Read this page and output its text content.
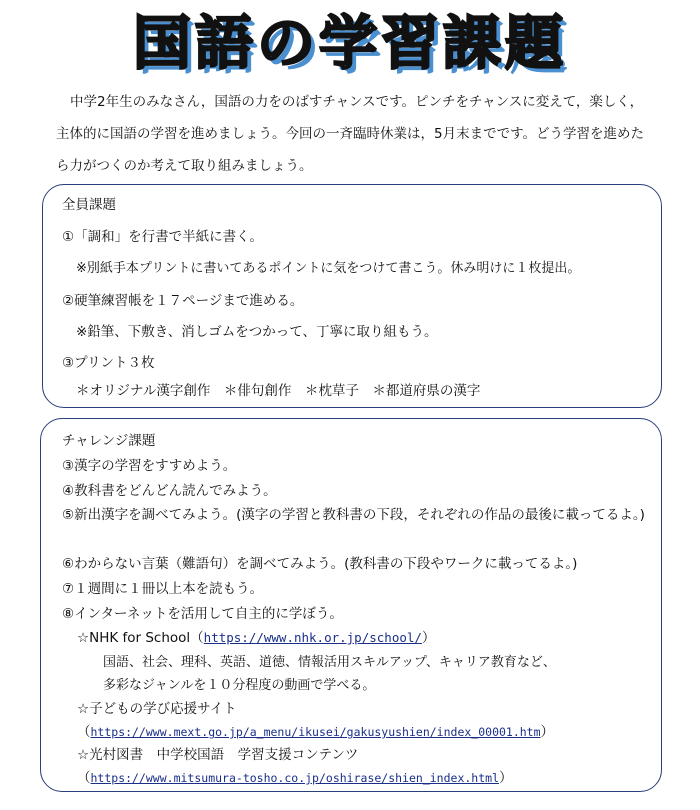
国語の学習課題
中学2年生のみなさん，国語の力をのばすチャンスです。ピンチをチャンスに変えて，楽しく，主体的に国語の学習を進めましょう。今回の一斉臨時休業は，5月末までです。どう学習を進めたら力がつくのか考えて取り組みましょう。
全員課題
①「調和」を行書で半紙に書く。
※別紙手本プリントに書いてあるポイントに気をつけて書こう。休み明けに１枚提出。
②硬筆練習帳を１７ページまで進める。
※鉛筆、下敷き、消しゴムをつかって、丁寧に取り組もう。
③プリント３枚
＊オリジナル漢字創作　＊俳句創作　＊枕草子　＊都道府県の漢字
チャレンジ課題
③漢字の学習をすすめよう。
④教科書をどんどん読んでみよう。
⑤新出漢字を調べてみよう。(漢字の学習と教科書の下段，それぞれの作品の最後に載ってるよ。)
⑥わからない言葉（難語句）を調べてみよう。(教科書の下段やワークに載ってるよ。)
⑦１週間に１冊以上本を読もう。
⑧インターネットを活用して自主的に学ぼう。
☆NHK for School（https://www.nhk.or.jp/school/）
国語、社会、理科、英語、道徳、情報活用スキルアップ、キャリア教育など、
多彩なジャンルを１０分程度の動画で学べる。
☆子どもの学び応援サイト
（https://www.mext.go.jp/a_menu/ikusei/gakusyushien/index_00001.htm）
☆光村図書　中学校国語　学習支援コンテンツ
（https://www.mitsumura-tosho.co.jp/oshirase/shien_index.html）
